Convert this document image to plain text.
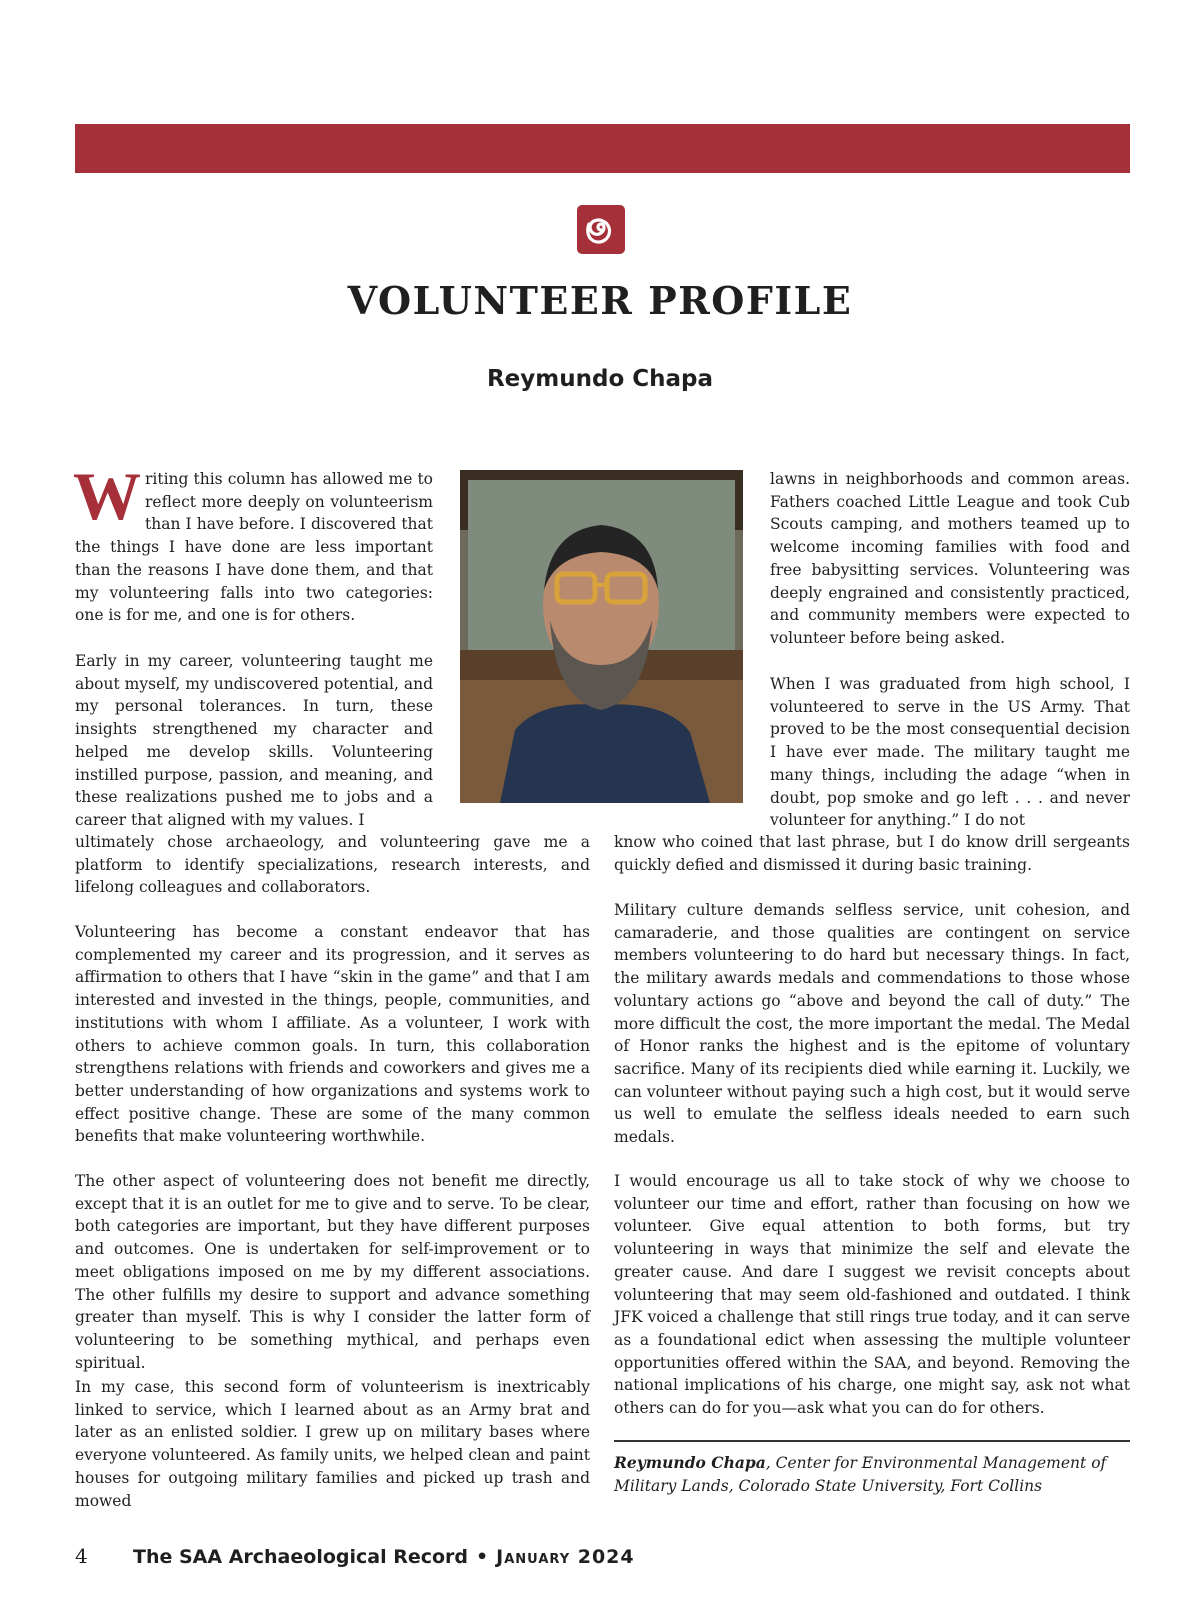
VOLUNTEER PROFILE
Reymundo Chapa

Writing this column has allowed me to reflect more deeply on volunteerism than I have before. I discovered that the things I have done are less important than the reasons I have done them, and that my volunteering falls into two categories: one is for me, and one is for others.

Early in my career, volunteering taught me about myself, my undiscovered potential, and my personal tolerances. In turn, these insights strengthened my character and helped me develop skills. Volunteering instilled purpose, passion, and meaning, and these realizations pushed me to jobs and a career that aligned with my values. I

ultimately chose archaeology, and volunteering gave me a platform to identify specializations, research interests, and lifelong colleagues and collaborators.

Volunteering has become a constant endeavor that has complemented my career and its progression, and it serves as affirmation to others that I have “skin in the game” and that I am interested and invested in the things, people, communities, and institutions with whom I affiliate. As a volunteer, I work with others to achieve common goals. In turn, this collaboration strengthens relations with friends and coworkers and gives me a better understanding of how organizations and systems work to effect positive change. These are some of the many common benefits that make volunteering worthwhile.

The other aspect of volunteering does not benefit me directly, except that it is an outlet for me to give and to serve. To be clear, both categories are important, but they have different purposes and outcomes. One is undertaken for self-improvement or to meet obligations imposed on me by my different associations. The other fulfills my desire to support and advance something greater than myself. This is why I consider the latter form of volunteering to be something mythical, and perhaps even spiritual.

In my case, this second form of volunteerism is inextricably linked to service, which I learned about as an Army brat and later as an enlisted soldier. I grew up on military bases where everyone volunteered. As family units, we helped clean and paint houses for outgoing military families and picked up trash and mowed

lawns in neighborhoods and common areas. Fathers coached Little League and took Cub Scouts camping, and mothers teamed up to welcome incoming families with food and free babysitting services. Volunteering was deeply engrained and consistently practiced, and community members were expected to volunteer before being asked.

When I was graduated from high school, I volunteered to serve in the US Army. That proved to be the most consequential decision I have ever made. The military taught me many things, including the adage “when in doubt, pop smoke and go left . . . and never volunteer for anything.” I do not

know who coined that last phrase, but I do know drill sergeants quickly defied and dismissed it during basic training.

Military culture demands selfless service, unit cohesion, and camaraderie, and those qualities are contingent on service members volunteering to do hard but necessary things. In fact, the military awards medals and commendations to those whose voluntary actions go “above and beyond the call of duty.” The more difficult the cost, the more important the medal. The Medal of Honor ranks the highest and is the epitome of voluntary sacrifice. Many of its recipients died while earning it. Luckily, we can volunteer without paying such a high cost, but it would serve us well to emulate the selfless ideals needed to earn such medals.

I would encourage us all to take stock of why we choose to volunteer our time and effort, rather than focusing on how we volunteer. Give equal attention to both forms, but try volunteering in ways that minimize the self and elevate the greater cause. And dare I suggest we revisit concepts about volunteering that may seem old-fashioned and outdated. I think JFK voiced a challenge that still rings true today, and it can serve as a foundational edict when assessing the multiple volunteer opportunities offered within the SAA, and beyond. Removing the national implications of his charge, one might say, ask not what others can do for you—ask what you can do for others.

Reymundo Chapa, Center for Environmental Management of Military Lands, Colorado State University, Fort Collins

4 The SAA Archaeological Record • January 2024
